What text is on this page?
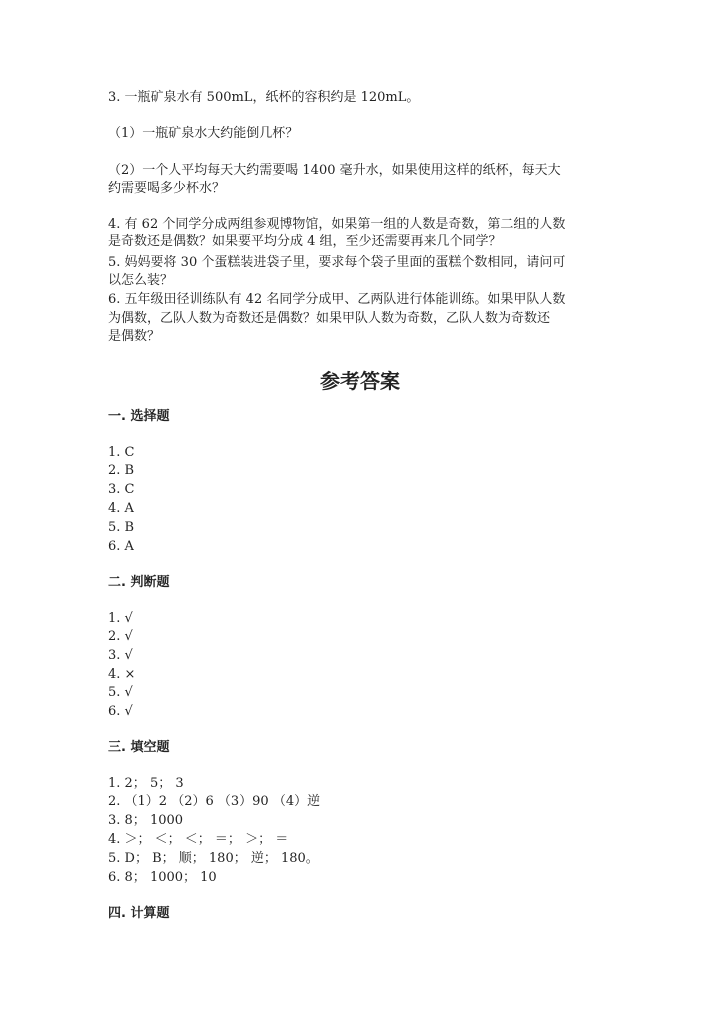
3. 一瓶矿泉水有 500mL，纸杯的容积约是 120mL。
（1）一瓶矿泉水大约能倒几杯？
（2）一个人平均每天大约需要喝 1400 毫升水，如果使用这样的纸杯，每天大
约需要喝多少杯水？
4. 有 62 个同学分成两组参观博物馆，如果第一组的人数是奇数，第二组的人数
是奇数还是偶数？如果要平均分成 4 组，至少还需要再来几个同学？
5. 妈妈要将 30 个蛋糕装进袋子里，要求每个袋子里面的蛋糕个数相同，请问可
以怎么装？
6. 五年级田径训练队有 42 名同学分成甲、乙两队进行体能训练。如果甲队人数
为偶数，乙队人数为奇数还是偶数？如果甲队人数为奇数，乙队人数为奇数还
是偶数？
参考答案
一. 选择题
1. C
2. B
3. C
4. A
5. B
6. A
二. 判断题
1. √
2. √
3. √
4. ×
5. √
6. √
三. 填空题
1. 2； 5； 3
2. （1）2 （2）6 （3）90 （4）逆
3. 8； 1000
4. ＞； ＜； ＜； ＝； ＞； ＝
5. D； B； 顺； 180； 逆； 180。
6. 8； 1000； 10
四. 计算题
